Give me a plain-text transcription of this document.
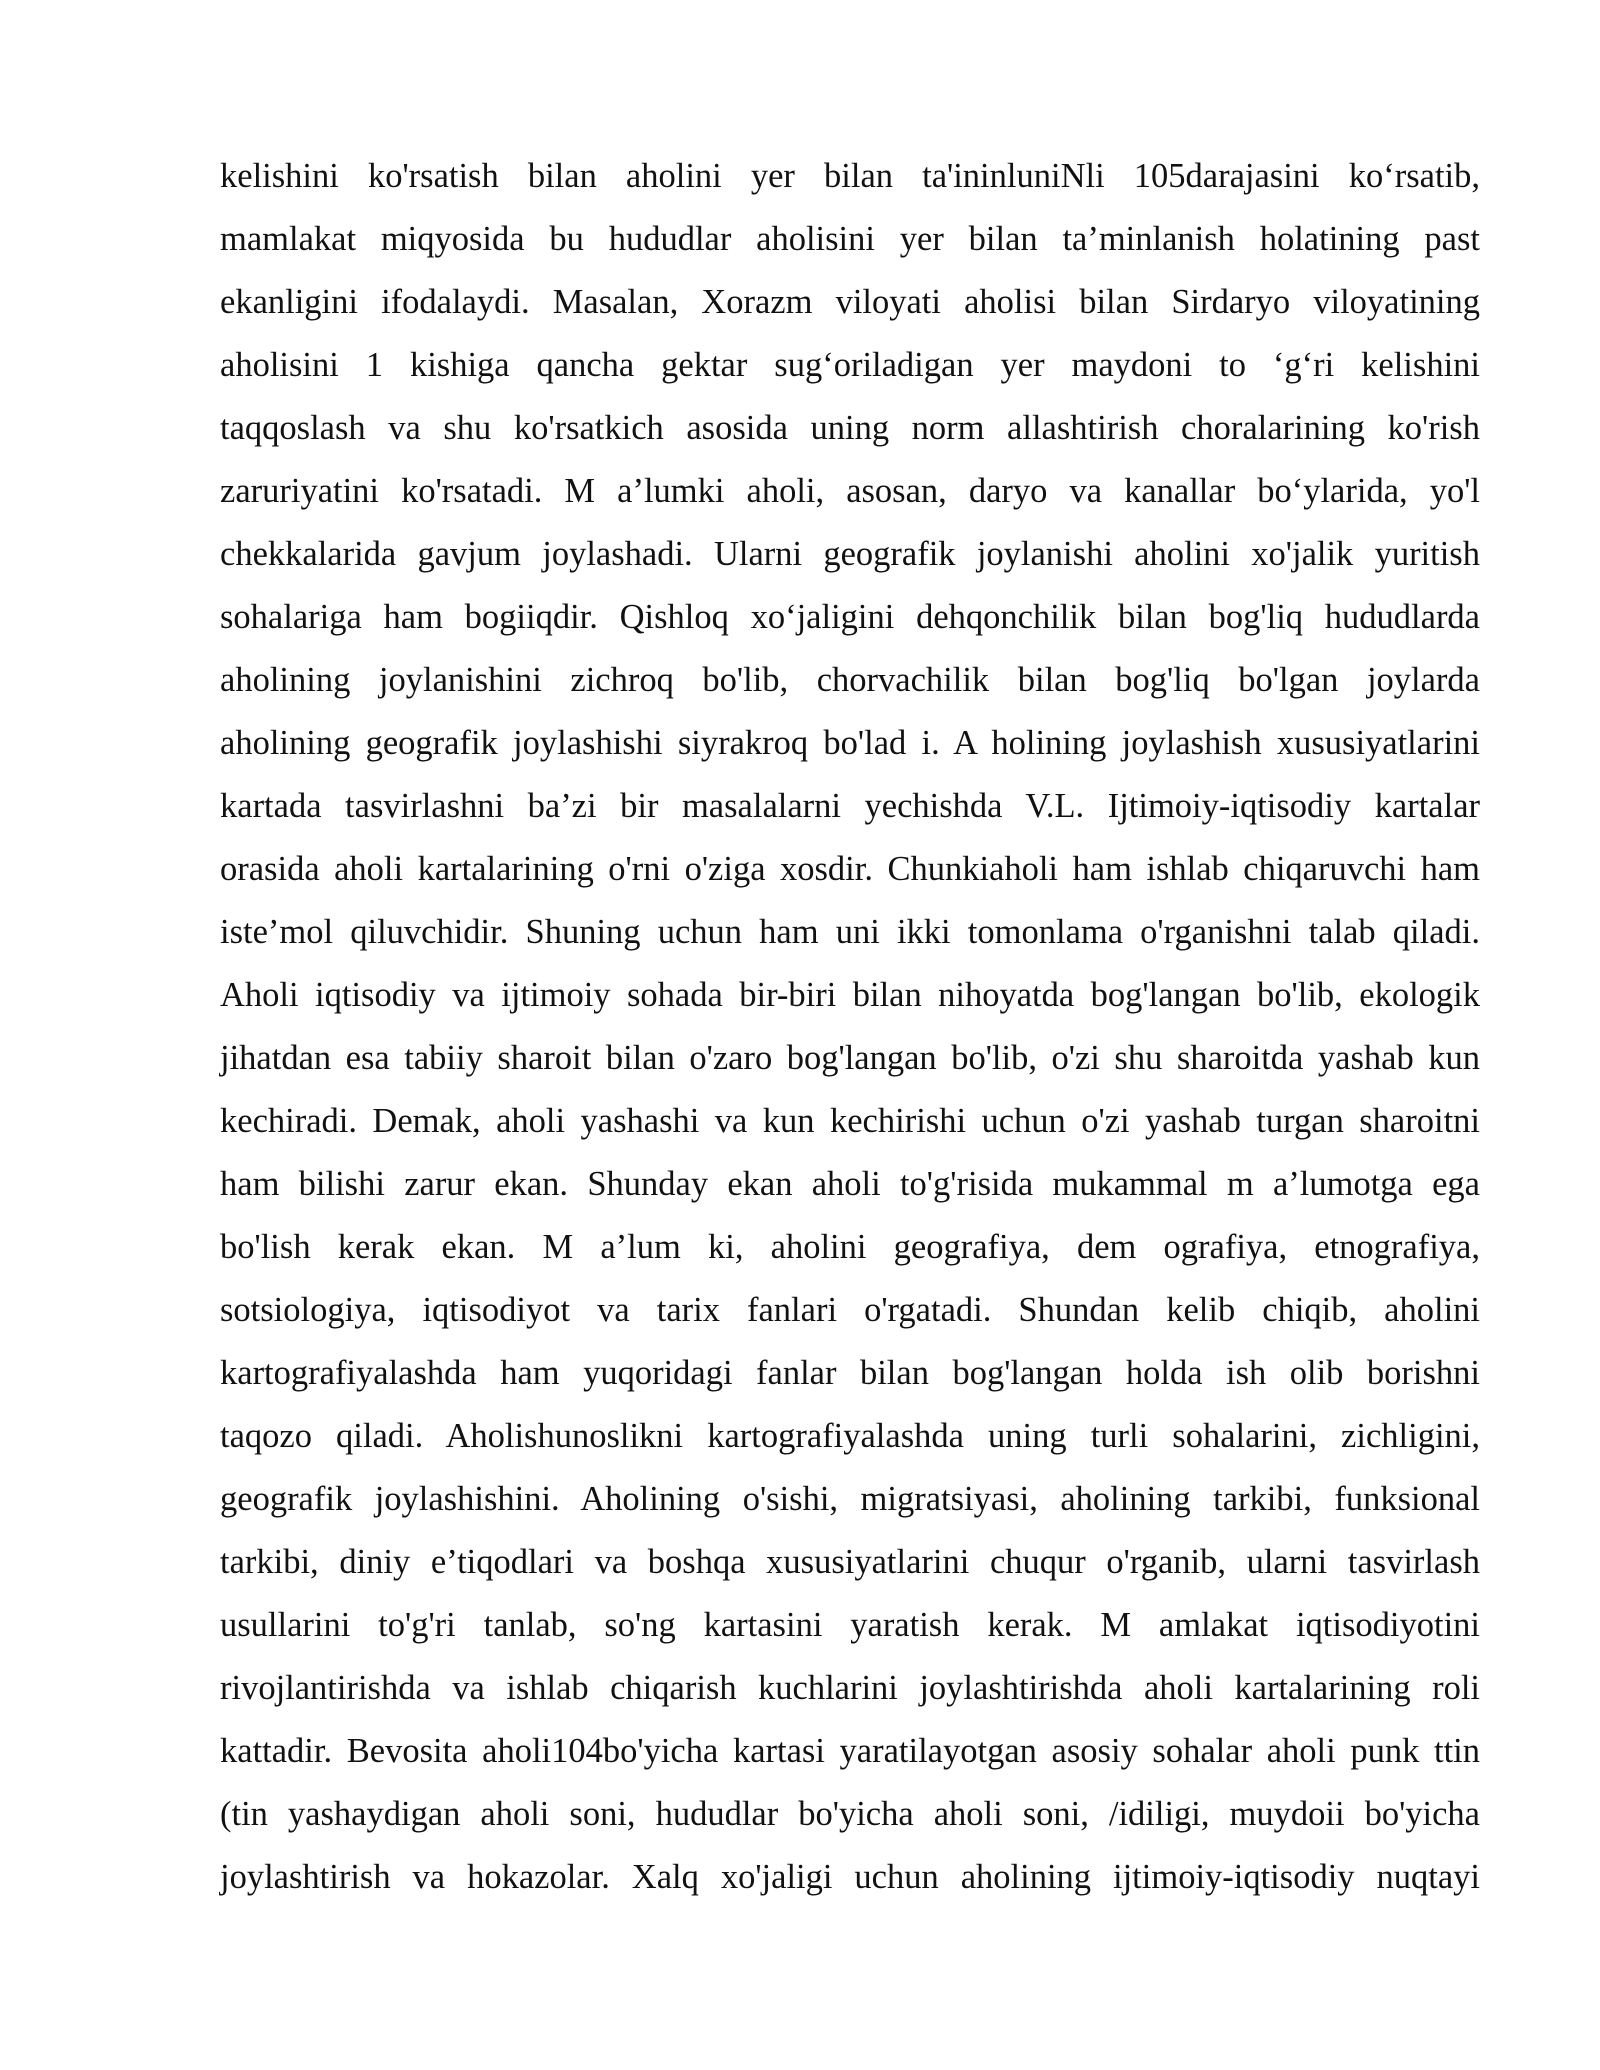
kelishini ko'rsatish bilan aholini yer bilan ta'ininluniNli 105darajasini ko‘rsatib,
mamlakat miqyosida bu hududlar aholisini yer bilan ta’minlanish holatining past
ekanligini ifodalaydi. Masalan, Xorazm viloyati aholisi bilan Sirdaryo viloyatining
aholisini 1 kishiga qancha gektar sug‘oriladigan yer maydoni to ‘g‘ri kelishini
taqqoslash va shu ko'rsatkich asosida uning norm allashtirish choralarining ko'rish
zaruriyatini ko'rsatadi. M a’lumki aholi, asosan, daryo va kanallar bo‘ylarida, yo'l
chekkalarida gavjum joylashadi. Ularni geografik joylanishi aholini xo'jalik yuritish
sohalariga ham bogiiqdir. Qishloq xo‘jaligini dehqonchilik bilan bog'liq hududlarda
aholining joylanishini zichroq bo'lib, chorvachilik bilan bog'liq bo'lgan joylarda
aholining geografik joylashishi siyrakroq bo'lad i. A holining joylashish xususiyatlarini
kartada tasvirlashni ba’zi bir masalalarni yechishda V.L. Ijtimoiy-iqtisodiy kartalar
orasida aholi kartalarining o'rni o'ziga xosdir. Chunkiaholi ham ishlab chiqaruvchi ham
iste’mol qiluvchidir. Shuning uchun ham uni ikki tomonlama o'rganishni talab qiladi.
Aholi iqtisodiy va ijtimoiy sohada bir-biri bilan nihoyatda bog'langan bo'lib, ekologik
jihatdan esa tabiiy sharoit bilan o'zaro bog'langan bo'lib, o'zi shu sharoitda yashab kun
kechiradi. Demak, aholi yashashi va kun kechirishi uchun o'zi yashab turgan sharoitni
ham bilishi zarur ekan. Shunday ekan aholi to'g'risida mukammal m a’lumotga ega
bo'lish kerak ekan. M a’lum ki, aholini geografiya, dem ografiya, etnografiya,
sotsiologiya, iqtisodiyot va tarix fanlari o'rgatadi. Shundan kelib chiqib, aholini
kartografiyalashda ham yuqoridagi fanlar bilan bog'langan holda ish olib borishni
taqozo qiladi. Aholishunoslikni kartografiyalashda uning turli sohalarini, zichligini,
geografik joylashishini. Aholining o'sishi, migratsiyasi, aholining tarkibi, funksional
tarkibi, diniy e’tiqodlari va boshqa xususiyatlarini chuqur o'rganib, ularni tasvirlash
usullarini to'g'ri tanlab, so'ng kartasini yaratish kerak. M amlakat iqtisodiyotini
rivojlantirishda va ishlab chiqarish kuchlarini joylashtirishda aholi kartalarining roli
kattadir. Bevosita aholi104bo'yicha kartasi yaratilayotgan asosiy sohalar aholi punk ttin
(tin yashaydigan aholi soni, hududlar bo'yicha aholi soni, /idiligi, muydoii bo'yicha
joylashtirish va hokazolar. Xalq xo'jaligi uchun aholining ijtimoiy-iqtisodiy nuqtayi
